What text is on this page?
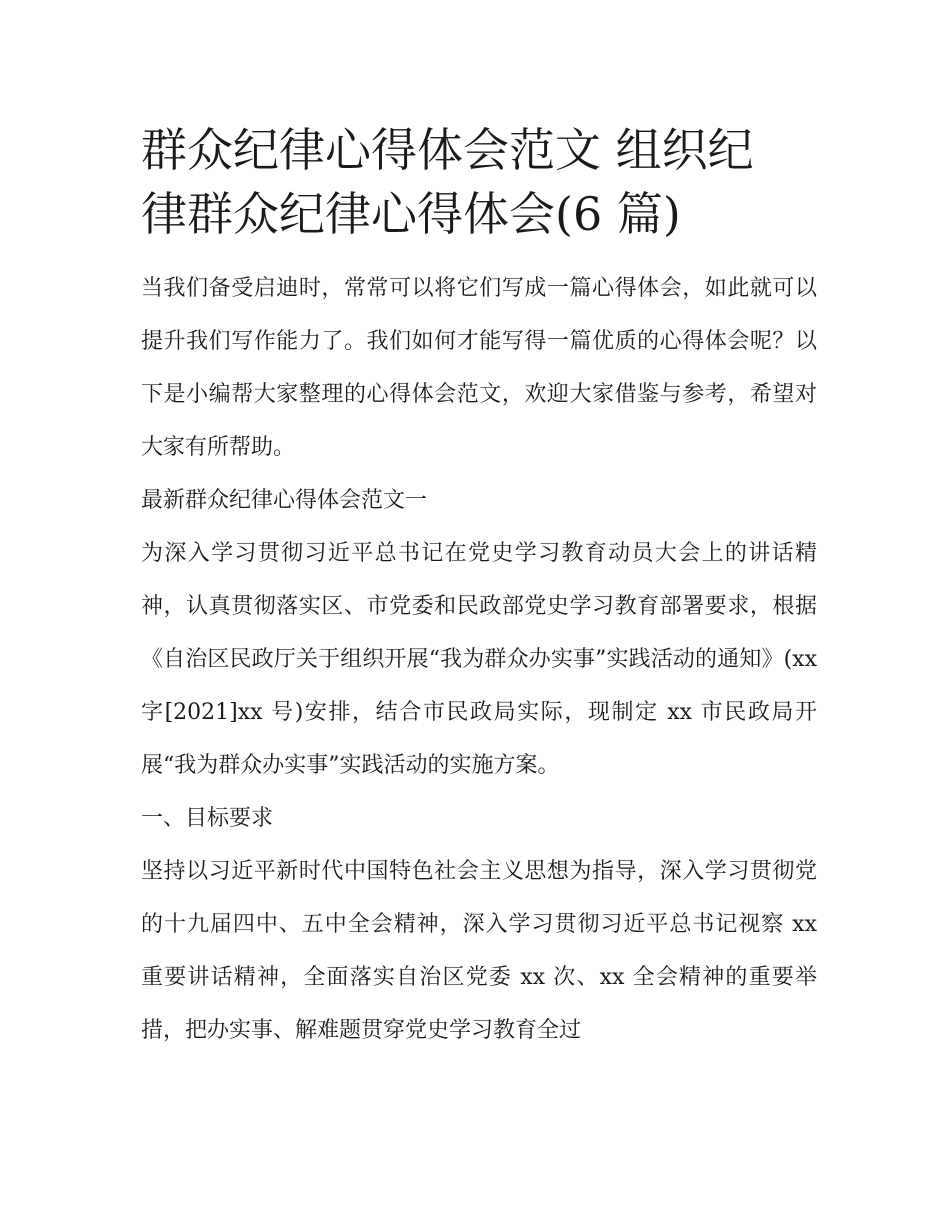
群众纪律心得体会范文 组织纪
律群众纪律心得体会(6 篇)

当我们备受启迪时，常常可以将它们写成一篇心得体会，如此就可以提升我们写作能力了。我们如何才能写得一篇优质的心得体会呢？以下是小编帮大家整理的心得体会范文，欢迎大家借鉴与参考，希望对大家有所帮助。

最新群众纪律心得体会范文一

为深入学习贯彻习近平总书记在党史学习教育动员大会上的讲话精神，认真贯彻落实区、市党委和民政部党史学习教育部署要求，根据《自治区民政厅关于组织开展“我为群众办实事”实践活动的通知》(xx 字[2021]xx 号)安排，结合市民政局实际，现制定 xx 市民政局开展“我为群众办实事”实践活动的实施方案。

一、目标要求

坚持以习近平新时代中国特色社会主义思想为指导，深入学习贯彻党的十九届四中、五中全会精神，深入学习贯彻习近平总书记视察 xx 重要讲话精神，全面落实自治区党委 xx 次、xx 全会精神的重要举措，把办实事、解难题贯穿党史学习教育全过
